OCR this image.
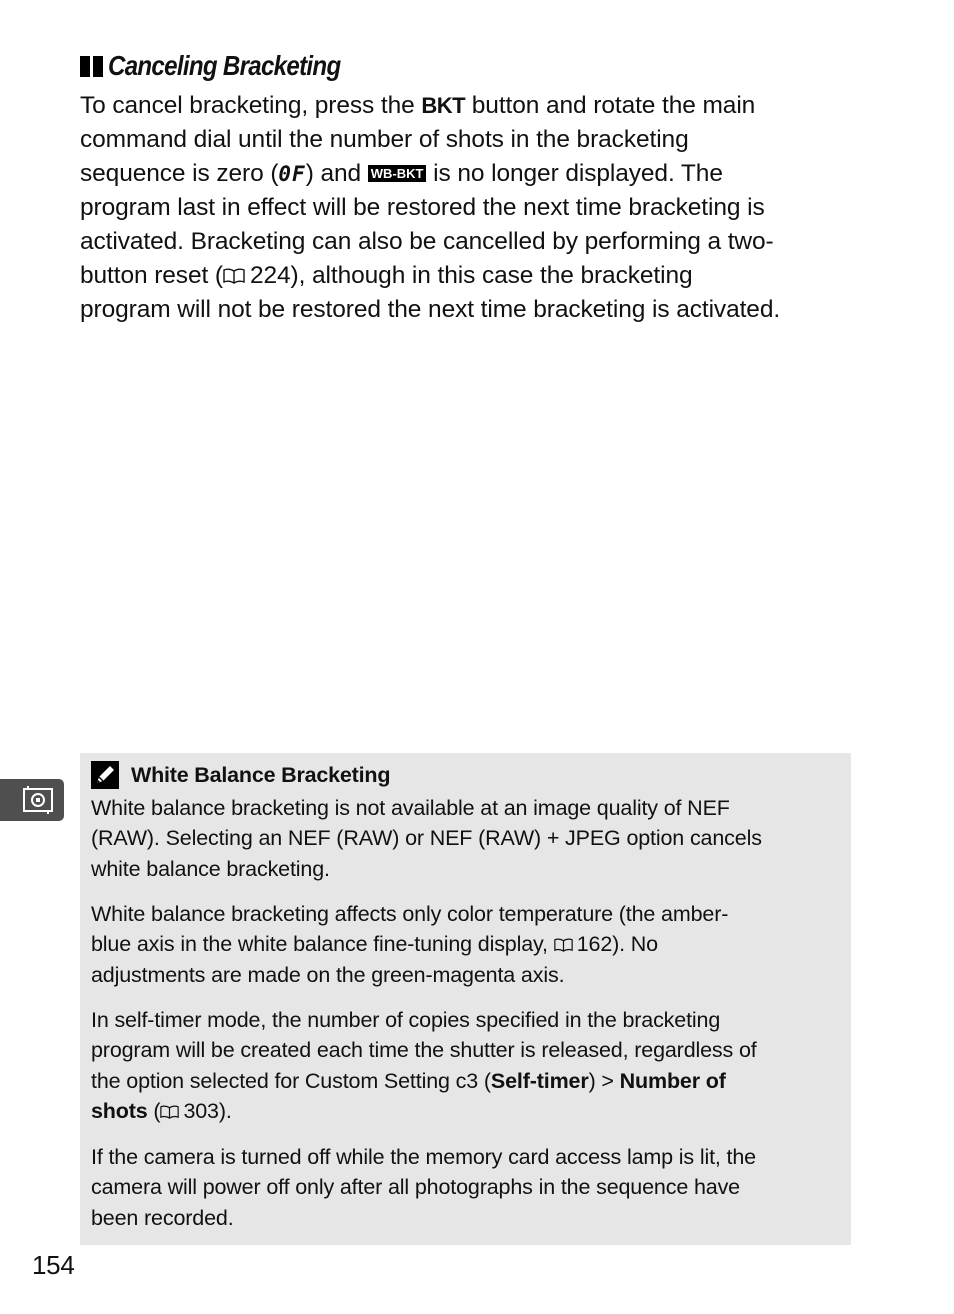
Canceling Bracketing
To cancel bracketing, press the BKT button and rotate the main
command dial until the number of shots in the bracketing
sequence is zero (0F) and WB-BKT is no longer displayed. The
program last in effect will be restored the next time bracketing is
activated. Bracketing can also be cancelled by performing a two-
button reset ( 224), although in this case the bracketing
program will not be restored the next time bracketing is activated.
White Balance Bracketing
White balance bracketing is not available at an image quality of NEF
(RAW). Selecting an NEF (RAW) or NEF (RAW) + JPEG option cancels
white balance bracketing.
White balance bracketing affects only color temperature (the amber-
blue axis in the white balance fine-tuning display, 162). No
adjustments are made on the green-magenta axis.
In self-timer mode, the number of copies specified in the bracketing
program will be created each time the shutter is released, regardless of
the option selected for Custom Setting c3 (Self-timer) > Number of
shots ( 303).
If the camera is turned off while the memory card access lamp is lit, the
camera will power off only after all photographs in the sequence have
been recorded.
154
